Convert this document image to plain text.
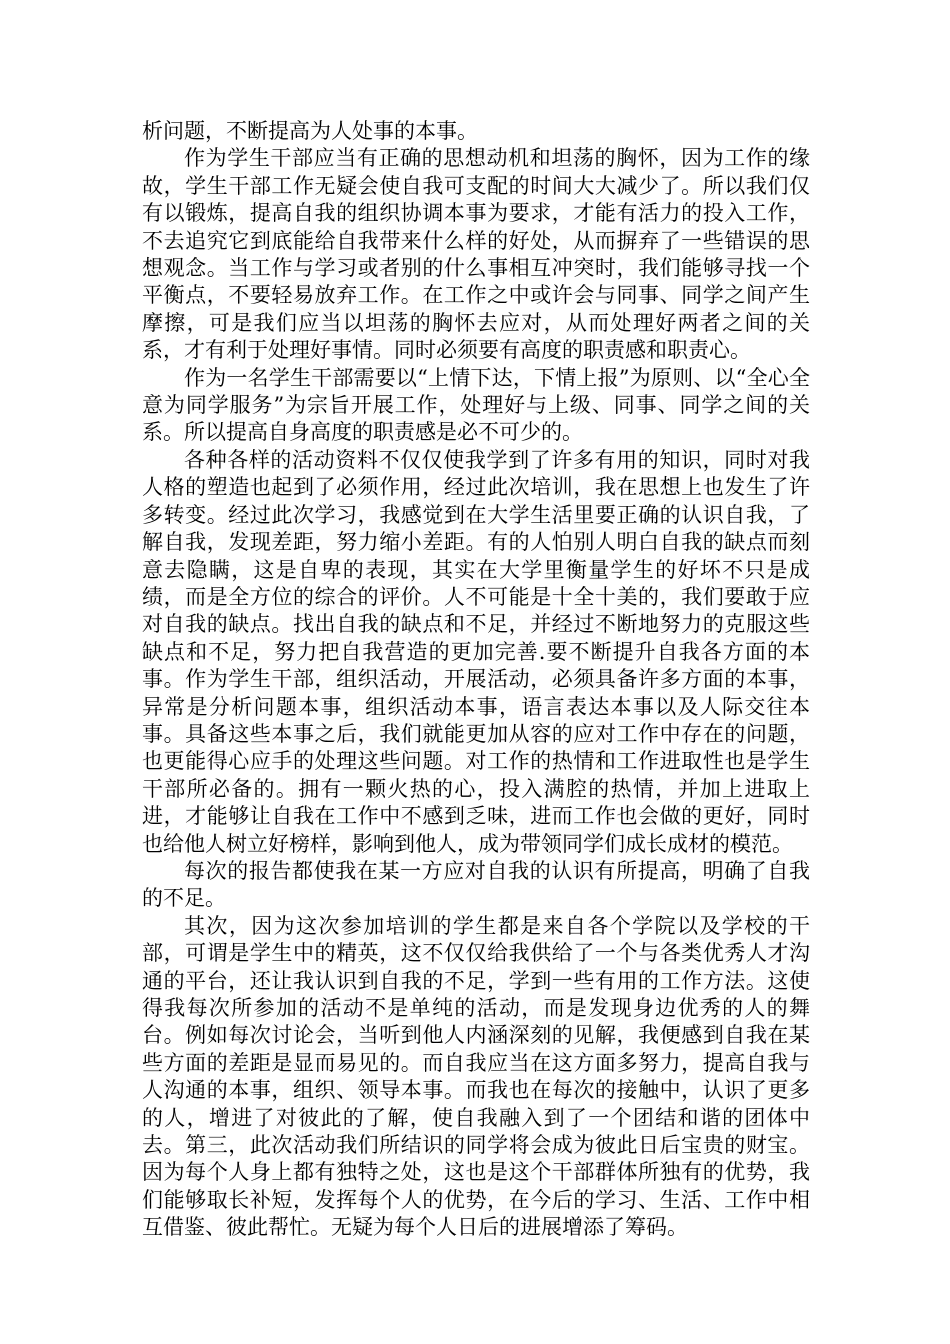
析问题，不断提高为人处事的本事。

作为学生干部应当有正确的思想动机和坦荡的胸怀，因为工作的缘故，学生干部工作无疑会使自我可支配的时间大大减少了。所以我们仅有以锻炼，提高自我的组织协调本事为要求，才能有活力的投入工作，不去追究它到底能给自我带来什么样的好处，从而摒弃了一些错误的思想观念。当工作与学习或者别的什么事相互冲突时，我们能够寻找一个平衡点，不要轻易放弃工作。在工作之中或许会与同事、同学之间产生摩擦，可是我们应当以坦荡的胸怀去应对，从而处理好两者之间的关系，才有利于处理好事情。同时必须要有高度的职责感和职责心。

作为一名学生干部需要以“上情下达，下情上报”为原则、以“全心全意为同学服务”为宗旨开展工作，处理好与上级、同事、同学之间的关系。所以提高自身高度的职责感是必不可少的。

各种各样的活动资料不仅仅使我学到了许多有用的知识，同时对我人格的塑造也起到了必须作用，经过此次培训，我在思想上也发生了许多转变。经过此次学习，我感觉到在大学生活里要正确的认识自我，了解自我，发现差距，努力缩小差距。有的人怕别人明白自我的缺点而刻意去隐瞒，这是自卑的表现，其实在大学里衡量学生的好坏不只是成绩，而是全方位的综合的评价。人不可能是十全十美的，我们要敢于应对自我的缺点。找出自我的缺点和不足，并经过不断地努力的克服这些缺点和不足，努力把自我营造的更加完善.要不断提升自我各方面的本事。作为学生干部，组织活动，开展活动，必须具备许多方面的本事，异常是分析问题本事，组织活动本事，语言表达本事以及人际交往本事。具备这些本事之后，我们就能更加从容的应对工作中存在的问题，也更能得心应手的处理这些问题。对工作的热情和工作进取性也是学生干部所必备的。拥有一颗火热的心，投入满腔的热情，并加上进取上进，才能够让自我在工作中不感到乏味，进而工作也会做的更好，同时也给他人树立好榜样，影响到他人，成为带领同学们成长成材的模范。

每次的报告都使我在某一方应对自我的认识有所提高，明确了自我的不足。

其次，因为这次参加培训的学生都是来自各个学院以及学校的干部，可谓是学生中的精英，这不仅仅给我供给了一个与各类优秀人才沟通的平台，还让我认识到自我的不足，学到一些有用的工作方法。这使得我每次所参加的活动不是单纯的活动，而是发现身边优秀的人的舞台。例如每次讨论会，当听到他人内涵深刻的见解，我便感到自我在某些方面的差距是显而易见的。而自我应当在这方面多努力，提高自我与人沟通的本事，组织、领导本事。而我也在每次的接触中，认识了更多的人，增进了对彼此的了解，使自我融入到了一个团结和谐的团体中去。第三，此次活动我们所结识的同学将会成为彼此日后宝贵的财宝。因为每个人身上都有独特之处，这也是这个干部群体所独有的优势，我们能够取长补短，发挥每个人的优势，在今后的学习、生活、工作中相互借鉴、彼此帮忙。无疑为每个人日后的进展增添了筹码。
